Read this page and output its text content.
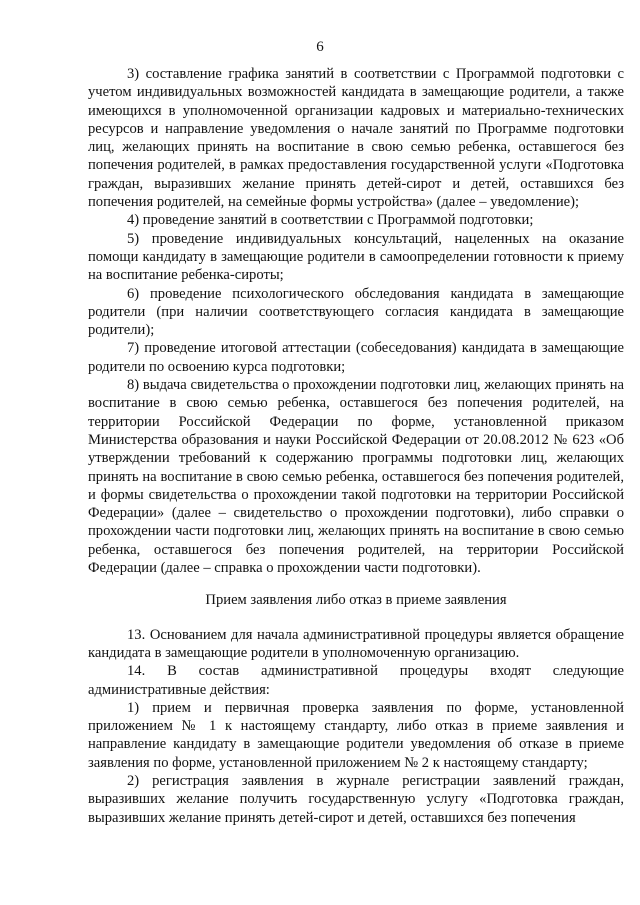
6

3) составление графика занятий в соответствии с Программой подготовки с учетом индивидуальных возможностей кандидата в замещающие родители, а также имеющихся в уполномоченной организации кадровых и материально-технических ресурсов и направление уведомления о начале занятий по Программе подготовки лиц, желающих принять на воспитание в свою семью ребенка, оставшегося без попечения родителей, в рамках предоставления государственной услуги «Подготовка граждан, выразивших желание принять детей-сирот и детей, оставшихся без попечения родителей, на семейные формы устройства» (далее – уведомление);

4) проведение занятий в соответствии с Программой подготовки;

5) проведение индивидуальных консультаций, нацеленных на оказание помощи кандидату в замещающие родители в самоопределении готовности к приему на воспитание ребенка-сироты;

6) проведение психологического обследования кандидата в замещающие родители (при наличии соответствующего согласия кандидата в замещающие родители);

7) проведение итоговой аттестации (собеседования) кандидата в замещающие родители по освоению курса подготовки;

8) выдача свидетельства о прохождении подготовки лиц, желающих принять на воспитание в свою семью ребенка, оставшегося без попечения родителей, на территории Российской Федерации по форме, установленной приказом Министерства образования и науки Российской Федерации от 20.08.2012 № 623 «Об утверждении требований к содержанию программы подготовки лиц, желающих принять на воспитание в свою семью ребенка, оставшегося без попечения родителей, и формы свидетельства о прохождении такой подготовки на территории Российской Федерации» (далее – свидетельство о прохождении подготовки), либо справки о прохождении части подготовки лиц, желающих принять на воспитание в свою семью ребенка, оставшегося без попечения родителей, на территории Российской Федерации (далее – справка о прохождении части подготовки).

Прием заявления либо отказ в приеме заявления

13. Основанием для начала административной процедуры является обращение кандидата в замещающие родители в уполномоченную организацию.

14. В состав административной процедуры входят следующие административные действия:

1) прием и первичная проверка заявления по форме, установленной приложением № 1 к настоящему стандарту, либо отказ в приеме заявления и направление кандидату в замещающие родители уведомления об отказе в приеме заявления по форме, установленной приложением № 2 к настоящему стандарту;

2) регистрация заявления в журнале регистрации заявлений граждан, выразивших желание получить государственную услугу «Подготовка граждан, выразивших желание принять детей-сирот и детей, оставшихся без попечения
